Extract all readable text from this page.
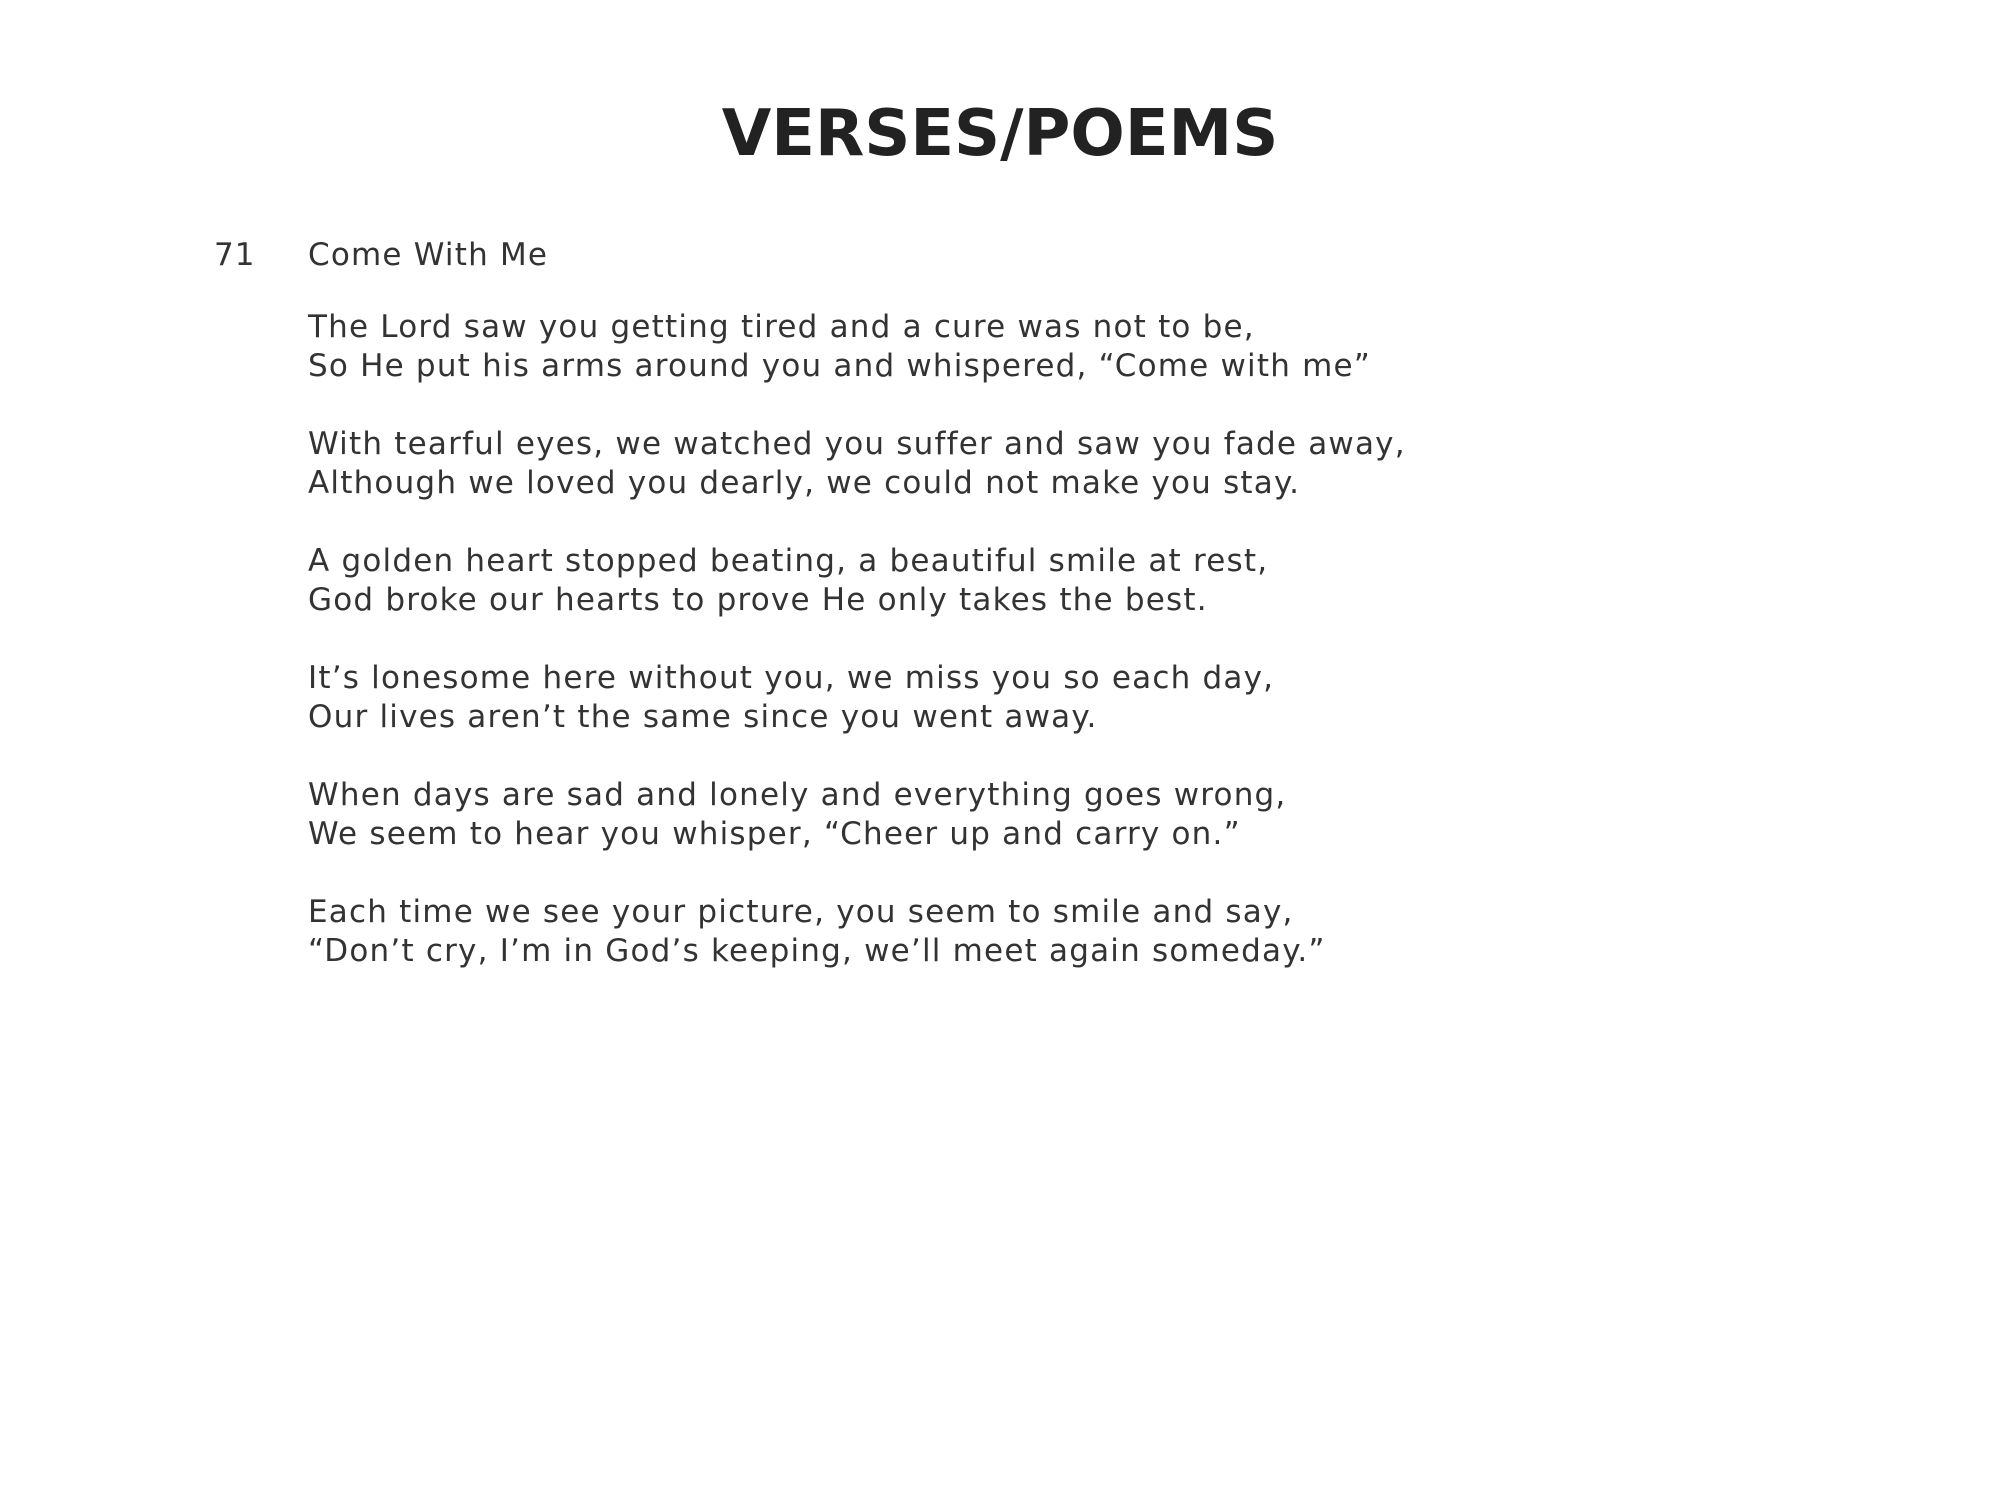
VERSES/POEMS
71 Come With Me
The Lord saw you getting tired and a cure was not to be,
So He put his arms around you and whispered, “Come with me”
With tearful eyes, we watched you suffer and saw you fade away,
Although we loved you dearly, we could not make you stay.
A golden heart stopped beating, a beautiful smile at rest,
God broke our hearts to prove He only takes the best.
It’s lonesome here without you, we miss you so each day,
Our lives aren’t the same since you went away.
When days are sad and lonely and everything goes wrong,
We seem to hear you whisper, “Cheer up and carry on.”
Each time we see your picture, you seem to smile and say,
“Don’t cry, I’m in God’s keeping, we’ll meet again someday.”
